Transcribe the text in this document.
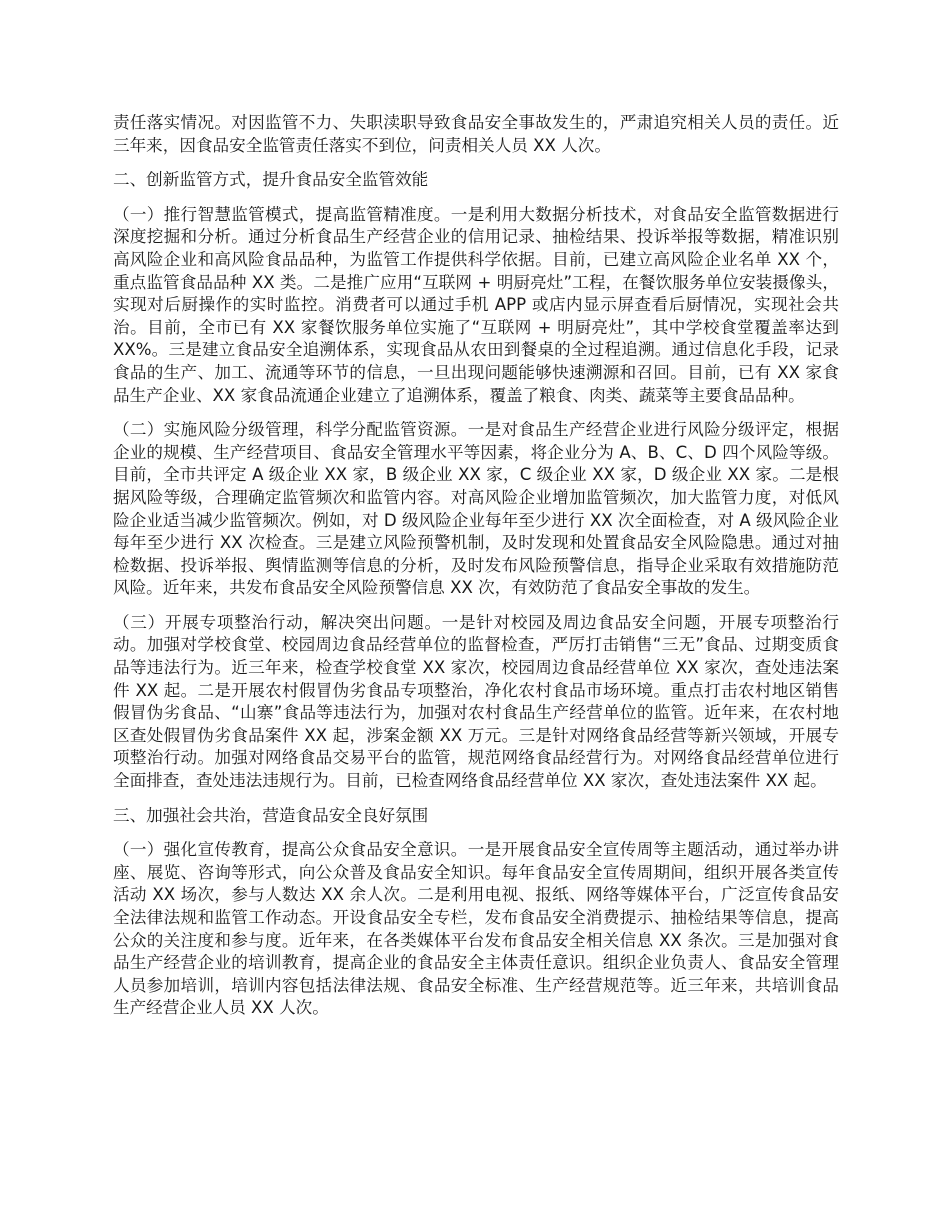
责任落实情况。对因监管不力、失职渎职导致食品安全事故发生的，严肃追究相关人员的责任。近三年来，因食品安全监管责任落实不到位，问责相关人员 XX 人次。

二、创新监管方式，提升食品安全监管效能

（一）推行智慧监管模式，提高监管精准度。一是利用大数据分析技术，对食品安全监管数据进行深度挖掘和分析。通过分析食品生产经营企业的信用记录、抽检结果、投诉举报等数据，精准识别高风险企业和高风险食品品种，为监管工作提供科学依据。目前，已建立高风险企业名单 XX 个，重点监管食品品种 XX 类。二是推广应用“互联网 + 明厨亮灶”工程，在餐饮服务单位安装摄像头，实现对后厨操作的实时监控。消费者可以通过手机 APP 或店内显示屏查看后厨情况，实现社会共治。目前，全市已有 XX 家餐饮服务单位实施了“互联网 + 明厨亮灶”，其中学校食堂覆盖率达到 XX%。三是建立食品安全追溯体系，实现食品从农田到餐桌的全过程追溯。通过信息化手段，记录食品的生产、加工、流通等环节的信息，一旦出现问题能够快速溯源和召回。目前，已有 XX 家食品生产企业、XX 家食品流通企业建立了追溯体系，覆盖了粮食、肉类、蔬菜等主要食品品种。

（二）实施风险分级管理，科学分配监管资源。一是对食品生产经营企业进行风险分级评定，根据企业的规模、生产经营项目、食品安全管理水平等因素，将企业分为 A、B、C、D 四个风险等级。目前，全市共评定 A 级企业 XX 家，B 级企业 XX 家，C 级企业 XX 家，D 级企业 XX 家。二是根据风险等级，合理确定监管频次和监管内容。对高风险企业增加监管频次，加大监管力度，对低风险企业适当减少监管频次。例如，对 D 级风险企业每年至少进行 XX 次全面检查，对 A 级风险企业每年至少进行 XX 次检查。三是建立风险预警机制，及时发现和处置食品安全风险隐患。通过对抽检数据、投诉举报、舆情监测等信息的分析，及时发布风险预警信息，指导企业采取有效措施防范风险。近年来，共发布食品安全风险预警信息 XX 次，有效防范了食品安全事故的发生。

（三）开展专项整治行动，解决突出问题。一是针对校园及周边食品安全问题，开展专项整治行动。加强对学校食堂、校园周边食品经营单位的监督检查，严厉打击销售“三无”食品、过期变质食品等违法行为。近三年来，检查学校食堂 XX 家次，校园周边食品经营单位 XX 家次，查处违法案件 XX 起。二是开展农村假冒伪劣食品专项整治，净化农村食品市场环境。重点打击农村地区销售假冒伪劣食品、“山寨”食品等违法行为，加强对农村食品生产经营单位的监管。近年来，在农村地区查处假冒伪劣食品案件 XX 起，涉案金额 XX 万元。三是针对网络食品经营等新兴领域，开展专项整治行动。加强对网络食品交易平台的监管，规范网络食品经营行为。对网络食品经营单位进行全面排查，查处违法违规行为。目前，已检查网络食品经营单位 XX 家次，查处违法案件 XX 起。

三、加强社会共治，营造食品安全良好氛围

（一）强化宣传教育，提高公众食品安全意识。一是开展食品安全宣传周等主题活动，通过举办讲座、展览、咨询等形式，向公众普及食品安全知识。每年食品安全宣传周期间，组织开展各类宣传活动 XX 场次，参与人数达 XX 余人次。二是利用电视、报纸、网络等媒体平台，广泛宣传食品安全法律法规和监管工作动态。开设食品安全专栏，发布食品安全消费提示、抽检结果等信息，提高公众的关注度和参与度。近年来，在各类媒体平台发布食品安全相关信息 XX 条次。三是加强对食品生产经营企业的培训教育，提高企业的食品安全主体责任意识。组织企业负责人、食品安全管理人员参加培训，培训内容包括法律法规、食品安全标准、生产经营规范等。近三年来，共培训食品生产经营企业人员 XX 人次。
